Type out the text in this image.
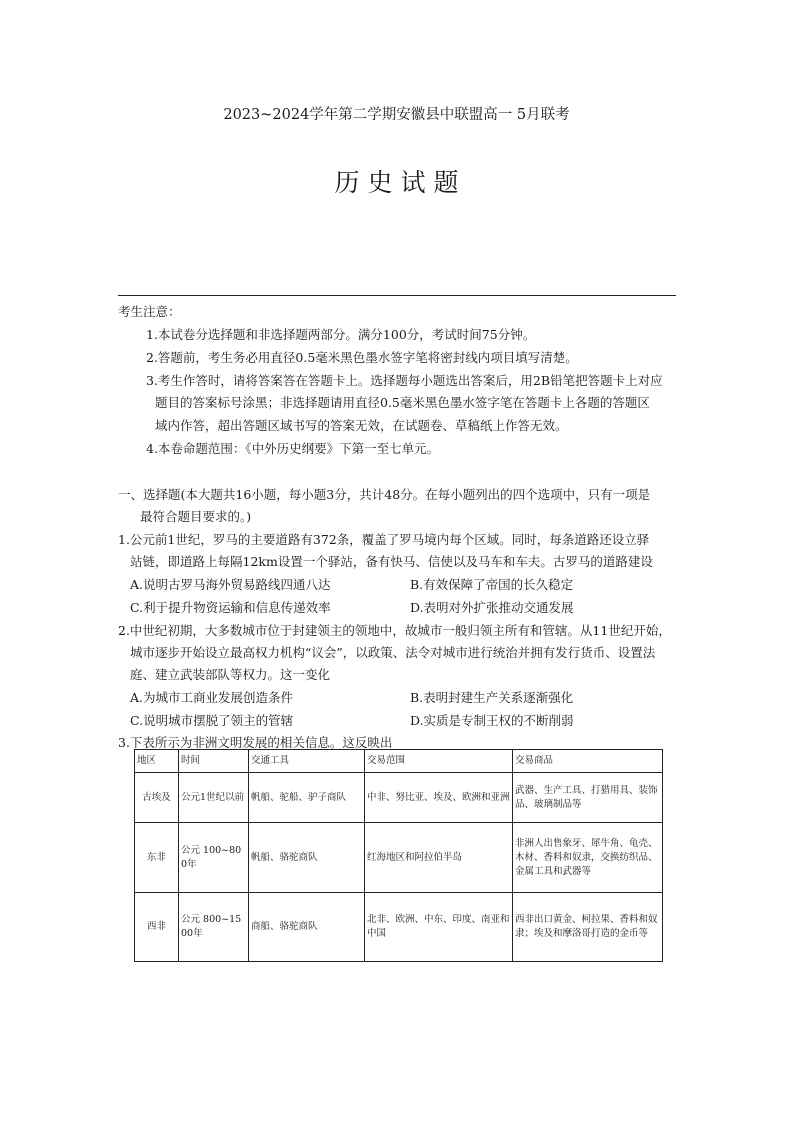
2023~2024学年第二学期安徽县中联盟高一 5月联考
历史试题
考生注意：
1.本试卷分选择题和非选择题两部分。满分100分，考试时间75分钟。
2.答题前，考生务必用直径0.5毫米黑色墨水签字笔将密封线内项目填写清楚。
3.考生作答时，请将答案答在答题卡上。选择题每小题选出答案后，用2B铅笔把答题卡上对应
题目的答案标号涂黑；非选择题请用直径0.5毫米黑色墨水签字笔在答题卡上各题的答题区
域内作答，超出答题区域书写的答案无效，在试题卷、草稿纸上作答无效。
4.本卷命题范围：《中外历史纲要》下第一至七单元。
一、选择题(本大题共16小题，每小题3分，共计48分。在每小题列出的四个选项中，只有一项是
最符合题目要求的。)
1.公元前1世纪，罗马的主要道路有372条，覆盖了罗马境内每个区域。同时，每条道路还设立驿
站链，即道路上每隔12km设置一个驿站，备有快马、信使以及马车和车夫。古罗马的道路建设
A.说明古罗马海外贸易路线四通八达	B.有效保障了帝国的长久稳定
C.利于提升物资运输和信息传递效率	D.表明对外扩张推动交通发展
2.中世纪初期，大多数城市位于封建领主的领地中，故城市一般归领主所有和管辖。从11世纪开始，
城市逐步开始设立最高权力机构“议会”，以政策、法令对城市进行统治并拥有发行货币、设置法
庭、建立武装部队等权力。这一变化
A.为城市工商业发展创造条件	B.表明封建生产关系逐渐强化
C.说明城市摆脱了领主的管辖	D.实质是专制王权的不断削弱
3.下表所示为非洲文明发展的相关信息。这反映出
地区	时间	交通工具	交易范围	交易商品
古埃及	公元1世纪以前	帆船、驼船、驴子商队	中非、努比亚、埃及、欧洲和亚洲	武器、生产工具、打猎用具、装饰品、玻璃制品等
东非	公元 100~800年	帆船、骆驼商队	红海地区和阿拉伯半岛	非洲人出售象牙、犀牛角、龟壳、木材、香料和奴隶，交换纺织品、金属工具和武器等
西非	公元 800~1500年	商船、骆驼商队	北非、欧洲、中东、印度、南亚和中国	西非出口黄金、柯拉果、香料和奴隶；埃及和摩洛哥打造的金币等
